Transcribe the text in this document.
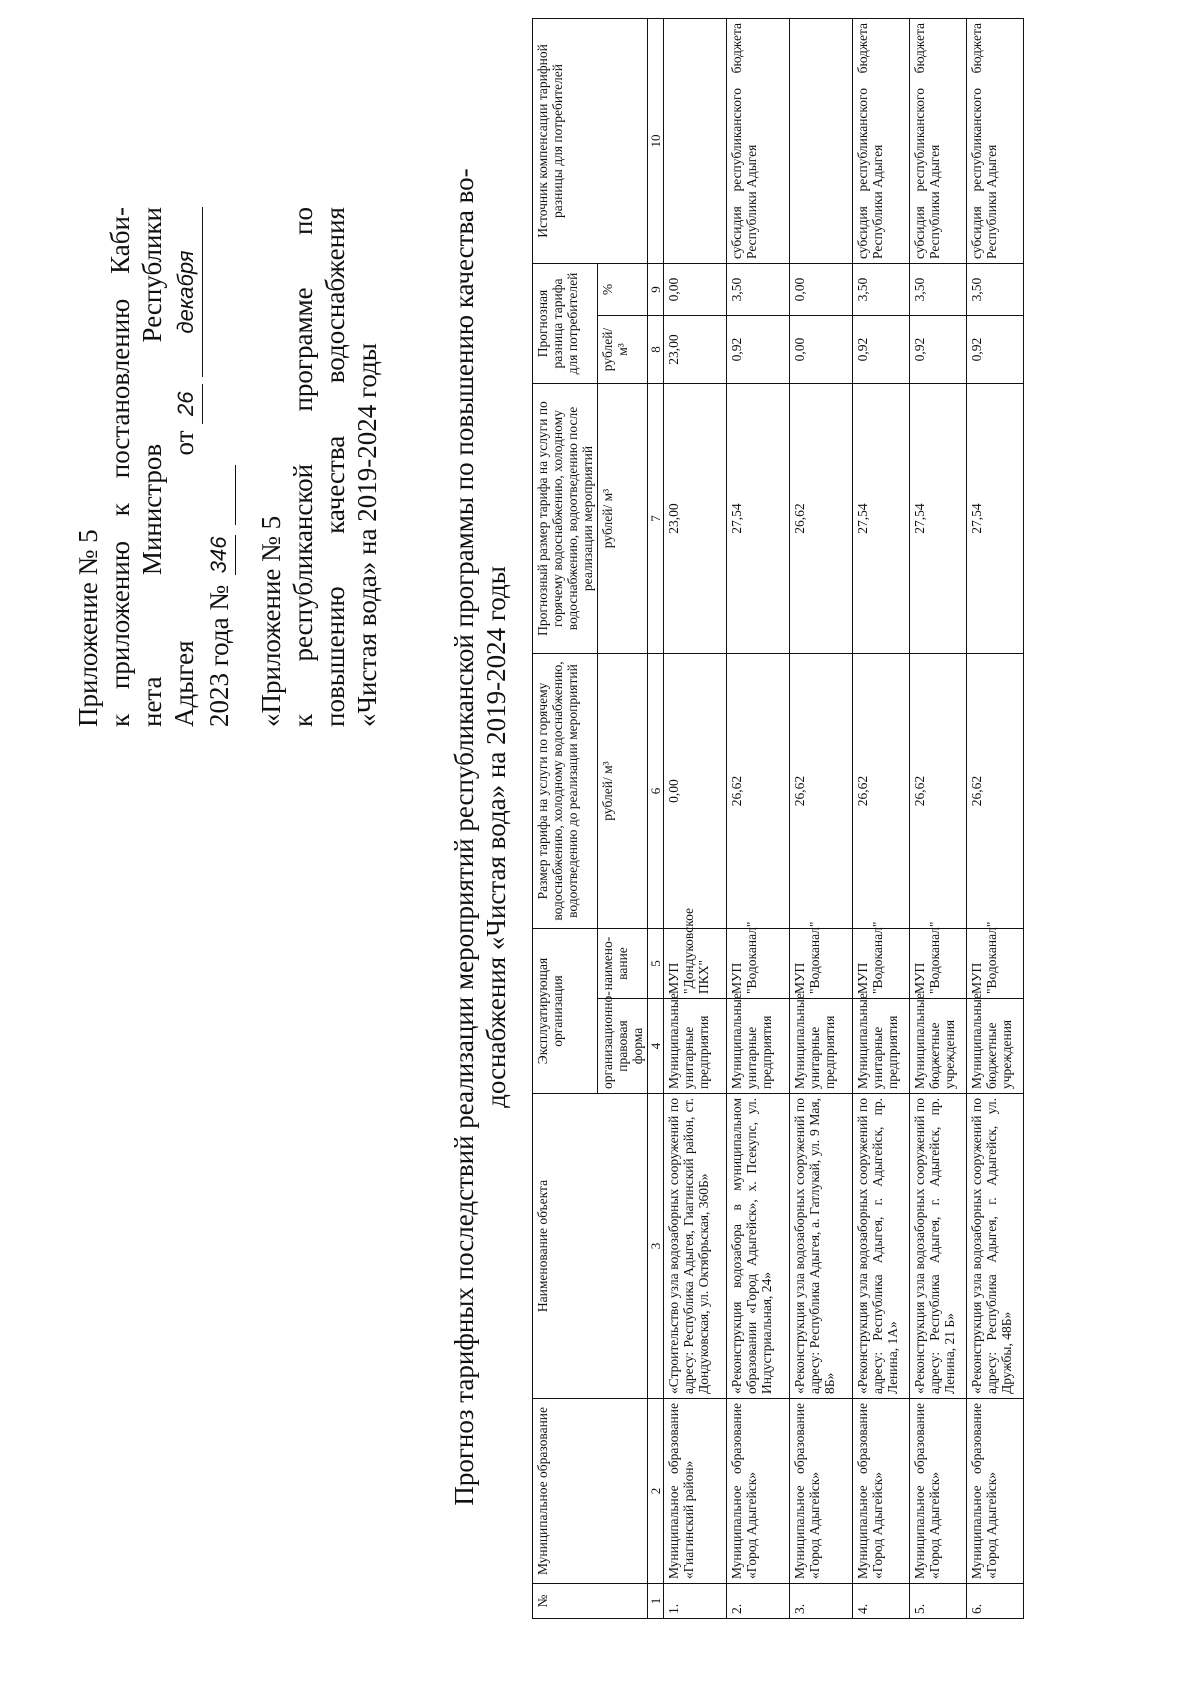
Приложение № 5 к
приложению
к
постановлению
Каби-
нета
Министров
Республики
Адыгея
от 26 декабря
2023 года №
346 «Приложение № 5 к
республиканской
программе
по
повышению
качества
водоснабжения
«Чистая вода» на 2019-2024 годы Прогноз тарифных последствий реализации мероприятий республиканской программы по повышению качества во- доснабжения «Чистая вода» на 2019-2024 годы
№	Муниципальное образование	Наименование объекта	Эксплуатирующая организация		Размер тарифа на услуги по горячему водоснабжению, холодному водоснабжению, водоотведению до реализации мероприятий	Прогнозный размер тарифа на услуги по горячему водоснабжению, холодному водоснабжению, водоотведению после реализации мероприятий	Прогнозная разница тарифа для потребителей		Источник компенсации тарифной разницы для потребителей
			организационно-правовая форма	наимено-вание	рублей/ м³	рублей/ м³	рублей/ м³	%	
1	2	3	4	5	6	7	8	9	10
1.	Муниципальное образование «Гиагинский район»	«Строительство узла водозаборных сооружений по адресу: Республика Адыгея, Гиагинский район, ст. Дондуковская, ул. Октябрьская, 360Б»	Муниципальные унитарные предприятия	МУП "Дондуковское ПКХ"	0,00	23,00	23,00	0,00	
2.	Муниципальное образование «Город Адыгейск»	«Реконструкция водозабора в муниципальном образовании «Город Адыгейск», х. Псекупс, ул. Индустриальная, 24»	Муниципальные унитарные предприятия	МУП "Водоканал"	26,62	27,54	0,92	3,50	субсидия республиканского бюджета Республики Адыгея
3.	Муниципальное образование «Город Адыгейск»	«Реконструкция узла водозаборных сооружений по адресу: Республика Адыгея, а. Гатлукай, ул. 9 Мая, 8Б»	Муниципальные унитарные предприятия	МУП "Водоканал"	26,62	26,62	0,00	0,00	
4.	Муниципальное образование «Город Адыгейск»	«Реконструкция узла водозаборных сооружений по адресу: Республика Адыгея, г. Адыгейск, пр. Ленина, 1А»	Муниципальные унитарные предприятия	МУП "Водоканал"	26,62	27,54	0,92	3,50	субсидия республиканского бюджета Республики Адыгея
5.	Муниципальное образование «Город Адыгейск»	«Реконструкция узла водозаборных сооружений по адресу: Республика Адыгея, г. Адыгейск, пр. Ленина, 21 Б»	Муниципальные бюджетные учреждения	МУП "Водоканал"	26,62	27,54	0,92	3,50	субсидия республиканского бюджета Республики Адыгея
6.	Муниципальное образование «Город Адыгейск»	«Реконструкция узла водозаборных сооружений по адресу: Республика Адыгея, г. Адыгейск, ул. Дружбы, 48Б»	Муниципальные бюджетные учреждения	МУП "Водоканал"	26,62	27,54	0,92	3,50	субсидия республиканского бюджета Республики Адыгея
